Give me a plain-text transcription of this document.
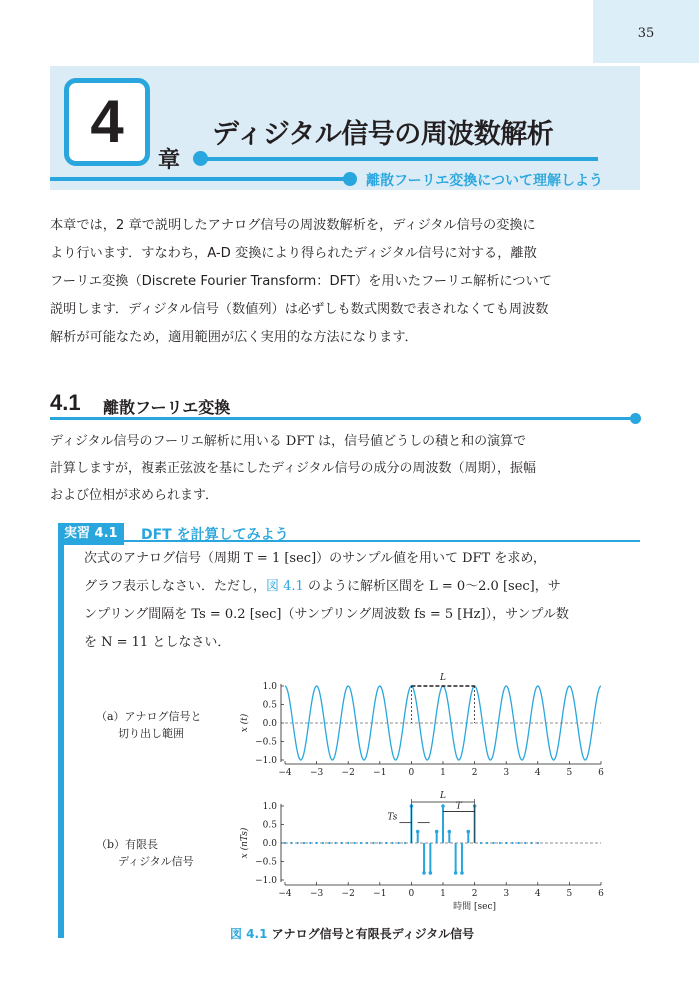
35
4
章
ディジタル信号の周波数解析
離散フーリエ変換について理解しよう

本章では，2 章で説明したアナログ信号の周波数解析を，ディジタル信号の変換に
より行います．すなわち，A-D 変換により得られたディジタル信号に対する，離散
フーリエ変換（Discrete Fourier Transform：DFT）を用いたフーリエ解析について
説明します．ディジタル信号（数値列）は必ずしも数式関数で表されなくても周波数
解析が可能なため，適用範囲が広く実用的な方法になります．

4.1 離散フーリエ変換

ディジタル信号のフーリエ解析に用いる DFT は，信号値どうしの積と和の演算で
計算しますが，複素正弦波を基にしたディジタル信号の成分の周波数（周期），振幅
および位相が求められます．

実習 4.1	DFT を計算してみよう

次式のアナログ信号（周期 T = 1 [sec]）のサンプル値を用いて DFT を求め，
グラフ表示しなさい．ただし，図 4.1 のように解析区間を L = 0～2.0 [sec]，サ
ンプリング間隔を Ts = 0.2 [sec]（サンプリング周波数 fs = 5 [Hz]），サンプル数
を N = 11 としなさい．

（a）アナログ信号と
切り出し範囲
（b）有限長
ディジタル信号
−4 −3 −2 −1 0	1	2	3	4	5	6
1.0
0.5
0.0
−0.5
−1.0
x (t)
−4 −3 −2 −1 0	1	2	3	4	5	6
1.0
0.5
0.0
−0.5
−1.0
x (nTs)
L
L
T
Ts
時間 [sec]
図 4.1 アナログ信号と有限長ディジタル信号
